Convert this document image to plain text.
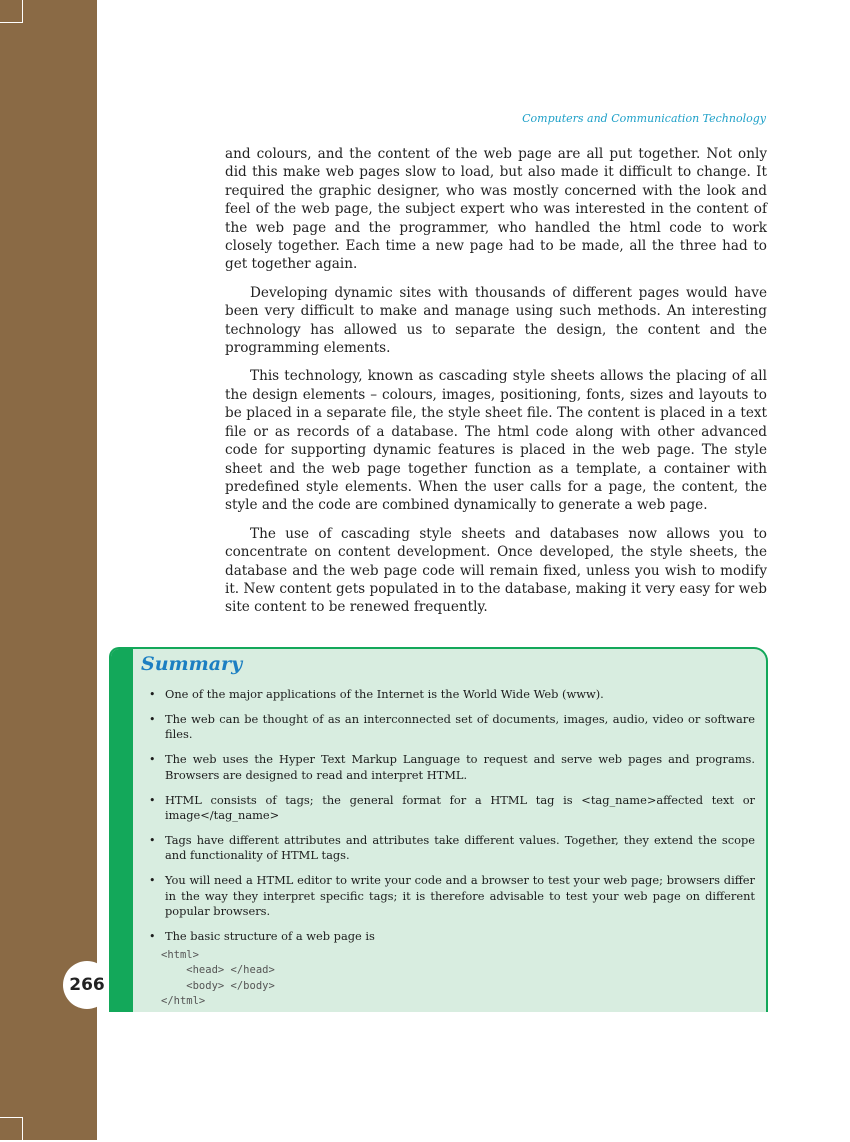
266
Computers and Communication Technology

and colours, and the content of the web page are all put together. Not only did this make web pages slow to load, but also made it difficult to change. It required the graphic designer, who was mostly concerned with the look and feel of the web page, the subject expert who was interested in the content of the web page and the programmer, who handled the html code to work closely together. Each time a new page had to be made, all the three had to get together again.

Developing dynamic sites with thousands of different pages would have been very difficult to make and manage using such methods. An interesting technology has allowed us to separate the design, the content and the programming elements.

This technology, known as cascading style sheets allows the placing of all the design elements – colours, images, positioning, fonts, sizes and layouts to be placed in a separate file, the style sheet file. The content is placed in a text file or as records of a database. The html code along with other advanced code for supporting dynamic features is placed in the web page. The style sheet and the web page together function as a template, a container with predefined style elements. When the user calls for a page, the content, the style and the code are combined dynamically to generate a web page.

The use of cascading style sheets and databases now allows you to concentrate on content development. Once developed, the style sheets, the database and the web page code will remain fixed, unless you wish to modify it. New content gets populated in to the database, making it very easy for web site content to be renewed frequently.

Summary
• One of the major applications of the Internet is the World Wide Web (www).
• The web can be thought of as an interconnected set of documents, images, audio, video or software files.
• The web uses the Hyper Text Markup Language to request and serve web pages and programs. Browsers are designed to read and interpret HTML.
• HTML consists of tags; the general format for a HTML tag is <tag_name>affected text or image</tag_name>
• Tags have different attributes and attributes take different values. Together, they extend the scope and functionality of HTML tags.
• You will need a HTML editor to write your code and a browser to test your web page; browsers differ in the way they interpret specific tags; it is therefore advisable to test your web page on different popular browsers.
• The basic structure of a web page is
<html>
<head> </head>
<body> </body>
</html>
